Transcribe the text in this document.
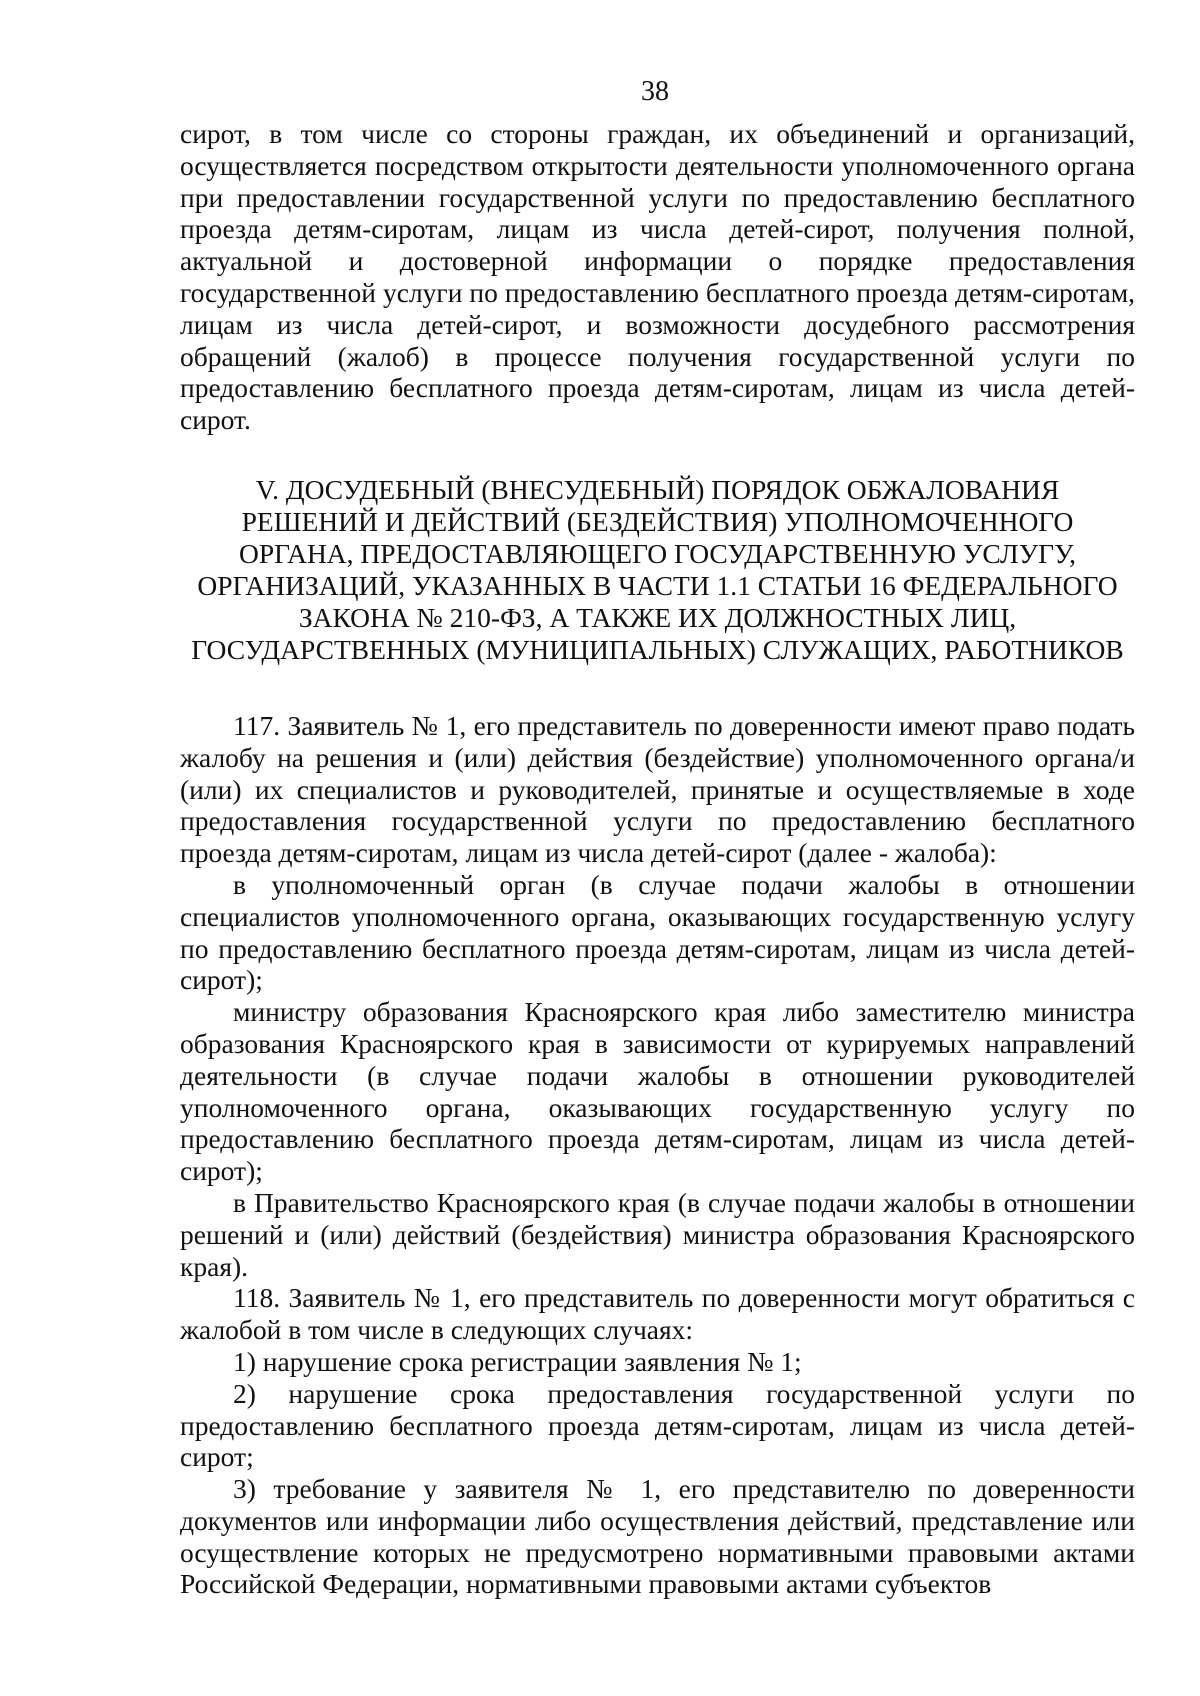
38

сирот, в том числе со стороны граждан, их объединений и организаций, осуществляется посредством открытости деятельности уполномоченного органа при предоставлении государственной услуги по предоставлению бесплатного проезда детям-сиротам, лицам из числа детей-сирот, получения полной, актуальной и достоверной информации о порядке предоставления государственной услуги по предоставлению бесплатного проезда детям-сиротам, лицам из числа детей-сирот, и возможности досудебного рассмотрения обращений (жалоб) в процессе получения государственной услуги по предоставлению бесплатного проезда детям-сиротам, лицам из числа детей-сирот.

V. ДОСУДЕБНЫЙ (ВНЕСУДЕБНЫЙ) ПОРЯДОК ОБЖАЛОВАНИЯ
РЕШЕНИЙ И ДЕЙСТВИЙ (БЕЗДЕЙСТВИЯ) УПОЛНОМОЧЕННОГО
ОРГАНА, ПРЕДОСТАВЛЯЮЩЕГО ГОСУДАРСТВЕННУЮ УСЛУГУ,
ОРГАНИЗАЦИЙ, УКАЗАННЫХ В ЧАСТИ 1.1 СТАТЬИ 16 ФЕДЕРАЛЬНОГО
ЗАКОНА № 210-ФЗ, А ТАКЖЕ ИХ ДОЛЖНОСТНЫХ ЛИЦ,
ГОСУДАРСТВЕННЫХ (МУНИЦИПАЛЬНЫХ) СЛУЖАЩИХ, РАБОТНИКОВ

117. Заявитель № 1, его представитель по доверенности имеют право подать жалобу на решения и (или) действия (бездействие) уполномоченного органа/и (или) их специалистов и руководителей, принятые и осуществляемые в ходе предоставления государственной услуги по предоставлению бесплатного проезда детям-сиротам, лицам из числа детей-сирот (далее - жалоба):

в уполномоченный орган (в случае подачи жалобы в отношении специалистов уполномоченного органа, оказывающих государственную услугу по предоставлению бесплатного проезда детям-сиротам, лицам из числа детей-сирот);

министру образования Красноярского края либо заместителю министра образования Красноярского края в зависимости от курируемых направлений деятельности (в случае подачи жалобы в отношении руководителей уполномоченного органа, оказывающих государственную услугу по предоставлению бесплатного проезда детям-сиротам, лицам из числа детей-сирот);

в Правительство Красноярского края (в случае подачи жалобы в отношении решений и (или) действий (бездействия) министра образования Красноярского края).

118. Заявитель № 1, его представитель по доверенности могут обратиться с жалобой в том числе в следующих случаях:

1) нарушение срока регистрации заявления № 1;

2) нарушение срока предоставления государственной услуги по предоставлению бесплатного проезда детям-сиротам, лицам из числа детей-сирот;

3) требование у заявителя № 1, его представителю по доверенности документов или информации либо осуществления действий, представление или осуществление которых не предусмотрено нормативными правовыми актами Российской Федерации, нормативными правовыми актами субъектов
